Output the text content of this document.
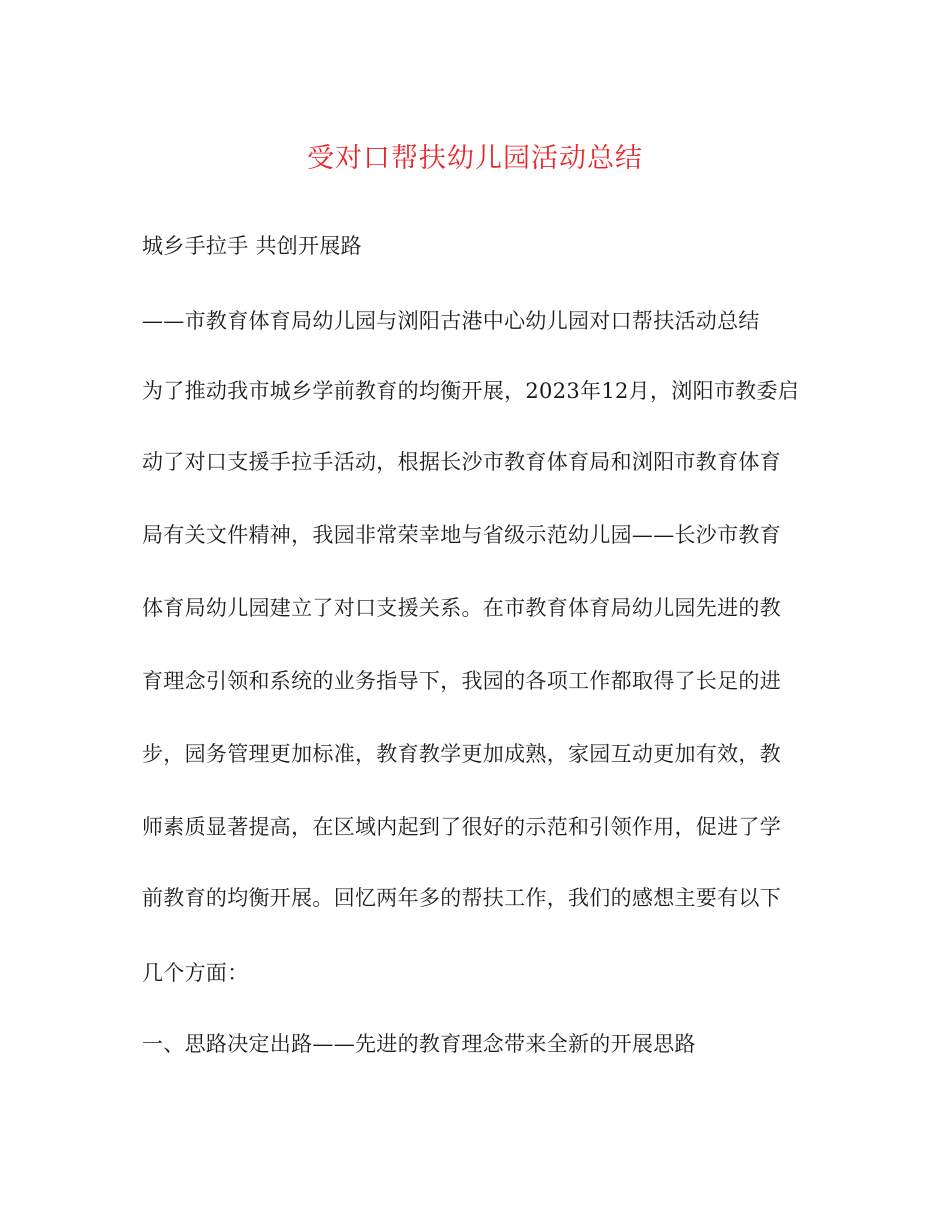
受对口帮扶幼儿园活动总结
城乡手拉手 共创开展路
——市教育体育局幼儿园与浏阳古港中心幼儿园对口帮扶活动总结
为了推动我市城乡学前教育的均衡开展，2023年12月，浏阳市教委启
动了对口支援手拉手活动，根据长沙市教育体育局和浏阳市教育体育
局有关文件精神，我园非常荣幸地与省级示范幼儿园——长沙市教育
体育局幼儿园建立了对口支援关系。在市教育体育局幼儿园先进的教
育理念引领和系统的业务指导下，我园的各项工作都取得了长足的进
步，园务管理更加标准，教育教学更加成熟，家园互动更加有效，教
师素质显著提高，在区域内起到了很好的示范和引领作用，促进了学
前教育的均衡开展。回忆两年多的帮扶工作，我们的感想主要有以下
几个方面：
一、思路决定出路——先进的教育理念带来全新的开展思路
